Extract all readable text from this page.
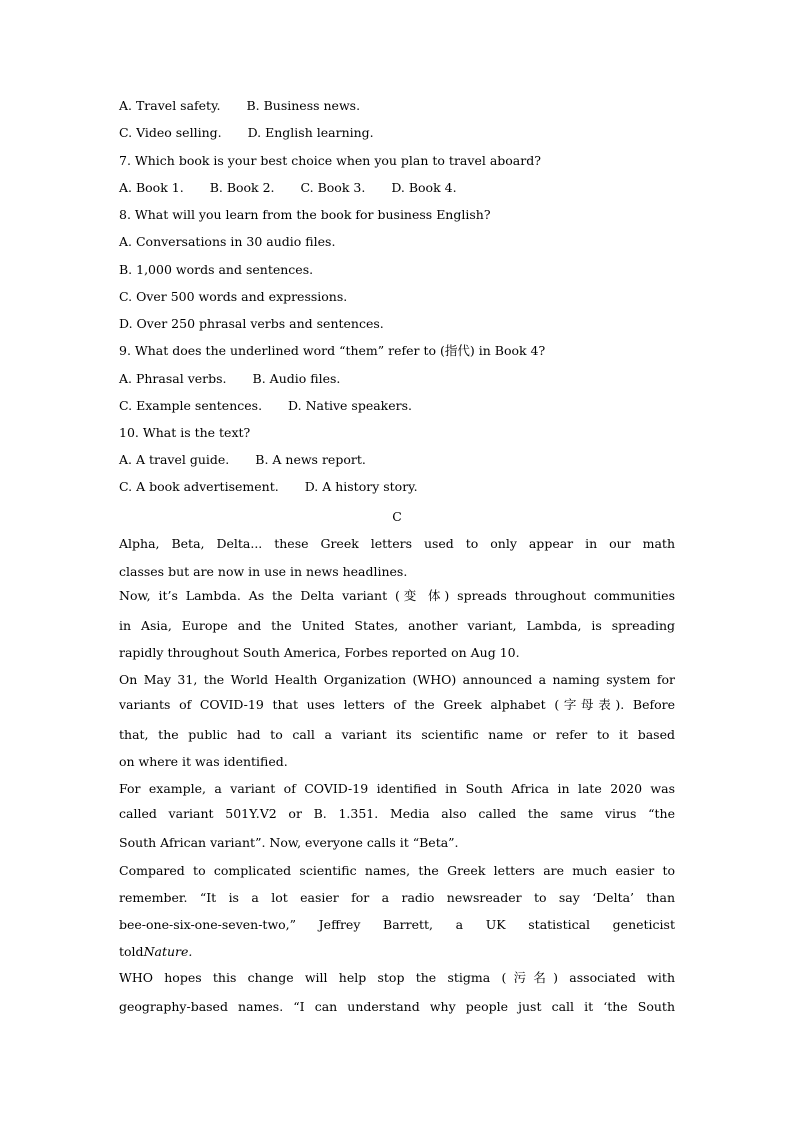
A. Travel safety. B. Business news.
C. Video selling. D. English learning.
7. Which book is your best choice when you plan to travel aboard?
A. Book 1. B. Book 2. C. Book 3. D. Book 4.
8. What will you learn from the book for business English?
A. Conversations in 30 audio files.
B. 1,000 words and sentences.
C. Over 500 words and expressions.
D. Over 250 phrasal verbs and sentences.
9. What does the underlined word “them” refer to (指代) in Book 4?
A. Phrasal verbs. B. Audio files.
C. Example sentences. D. Native speakers.
10. What is the text?
A. A travel guide. B. A news report.
C. A book advertisement. D. A history story.
C
Alpha, Beta, Delta... these Greek letters used to only appear in our math
classes but are now in use in news headlines.
Now, it’s Lambda. As the Delta variant (变 体) spreads throughout communities
in Asia, Europe and the United States, another variant, Lambda, is spreading
rapidly throughout South America, Forbes reported on Aug 10.
On May 31, the World Health Organization (WHO) announced a naming system for
variants of COVID-19 that uses letters of the Greek alphabet (字母表). Before
that, the public had to call a variant its scientific name or refer to it based
on where it was identified.
For example, a variant of COVID-19 identified in South Africa in late 2020 was
called variant 501Y.V2 or B. 1.351. Media also called the same virus “the
South African variant”. Now, everyone calls it “Beta”.
Compared to complicated scientific names, the Greek letters are much easier to
remember. “It is a lot easier for a radio newsreader to say ‘Delta’ than
bee-one-six-one-seven-two,” Jeffrey Barrett, a UK statistical geneticist
toldNature.
WHO hopes this change will help stop the stigma (污名) associated with
geography-based names. “I can understand why people just call it ‘the South
